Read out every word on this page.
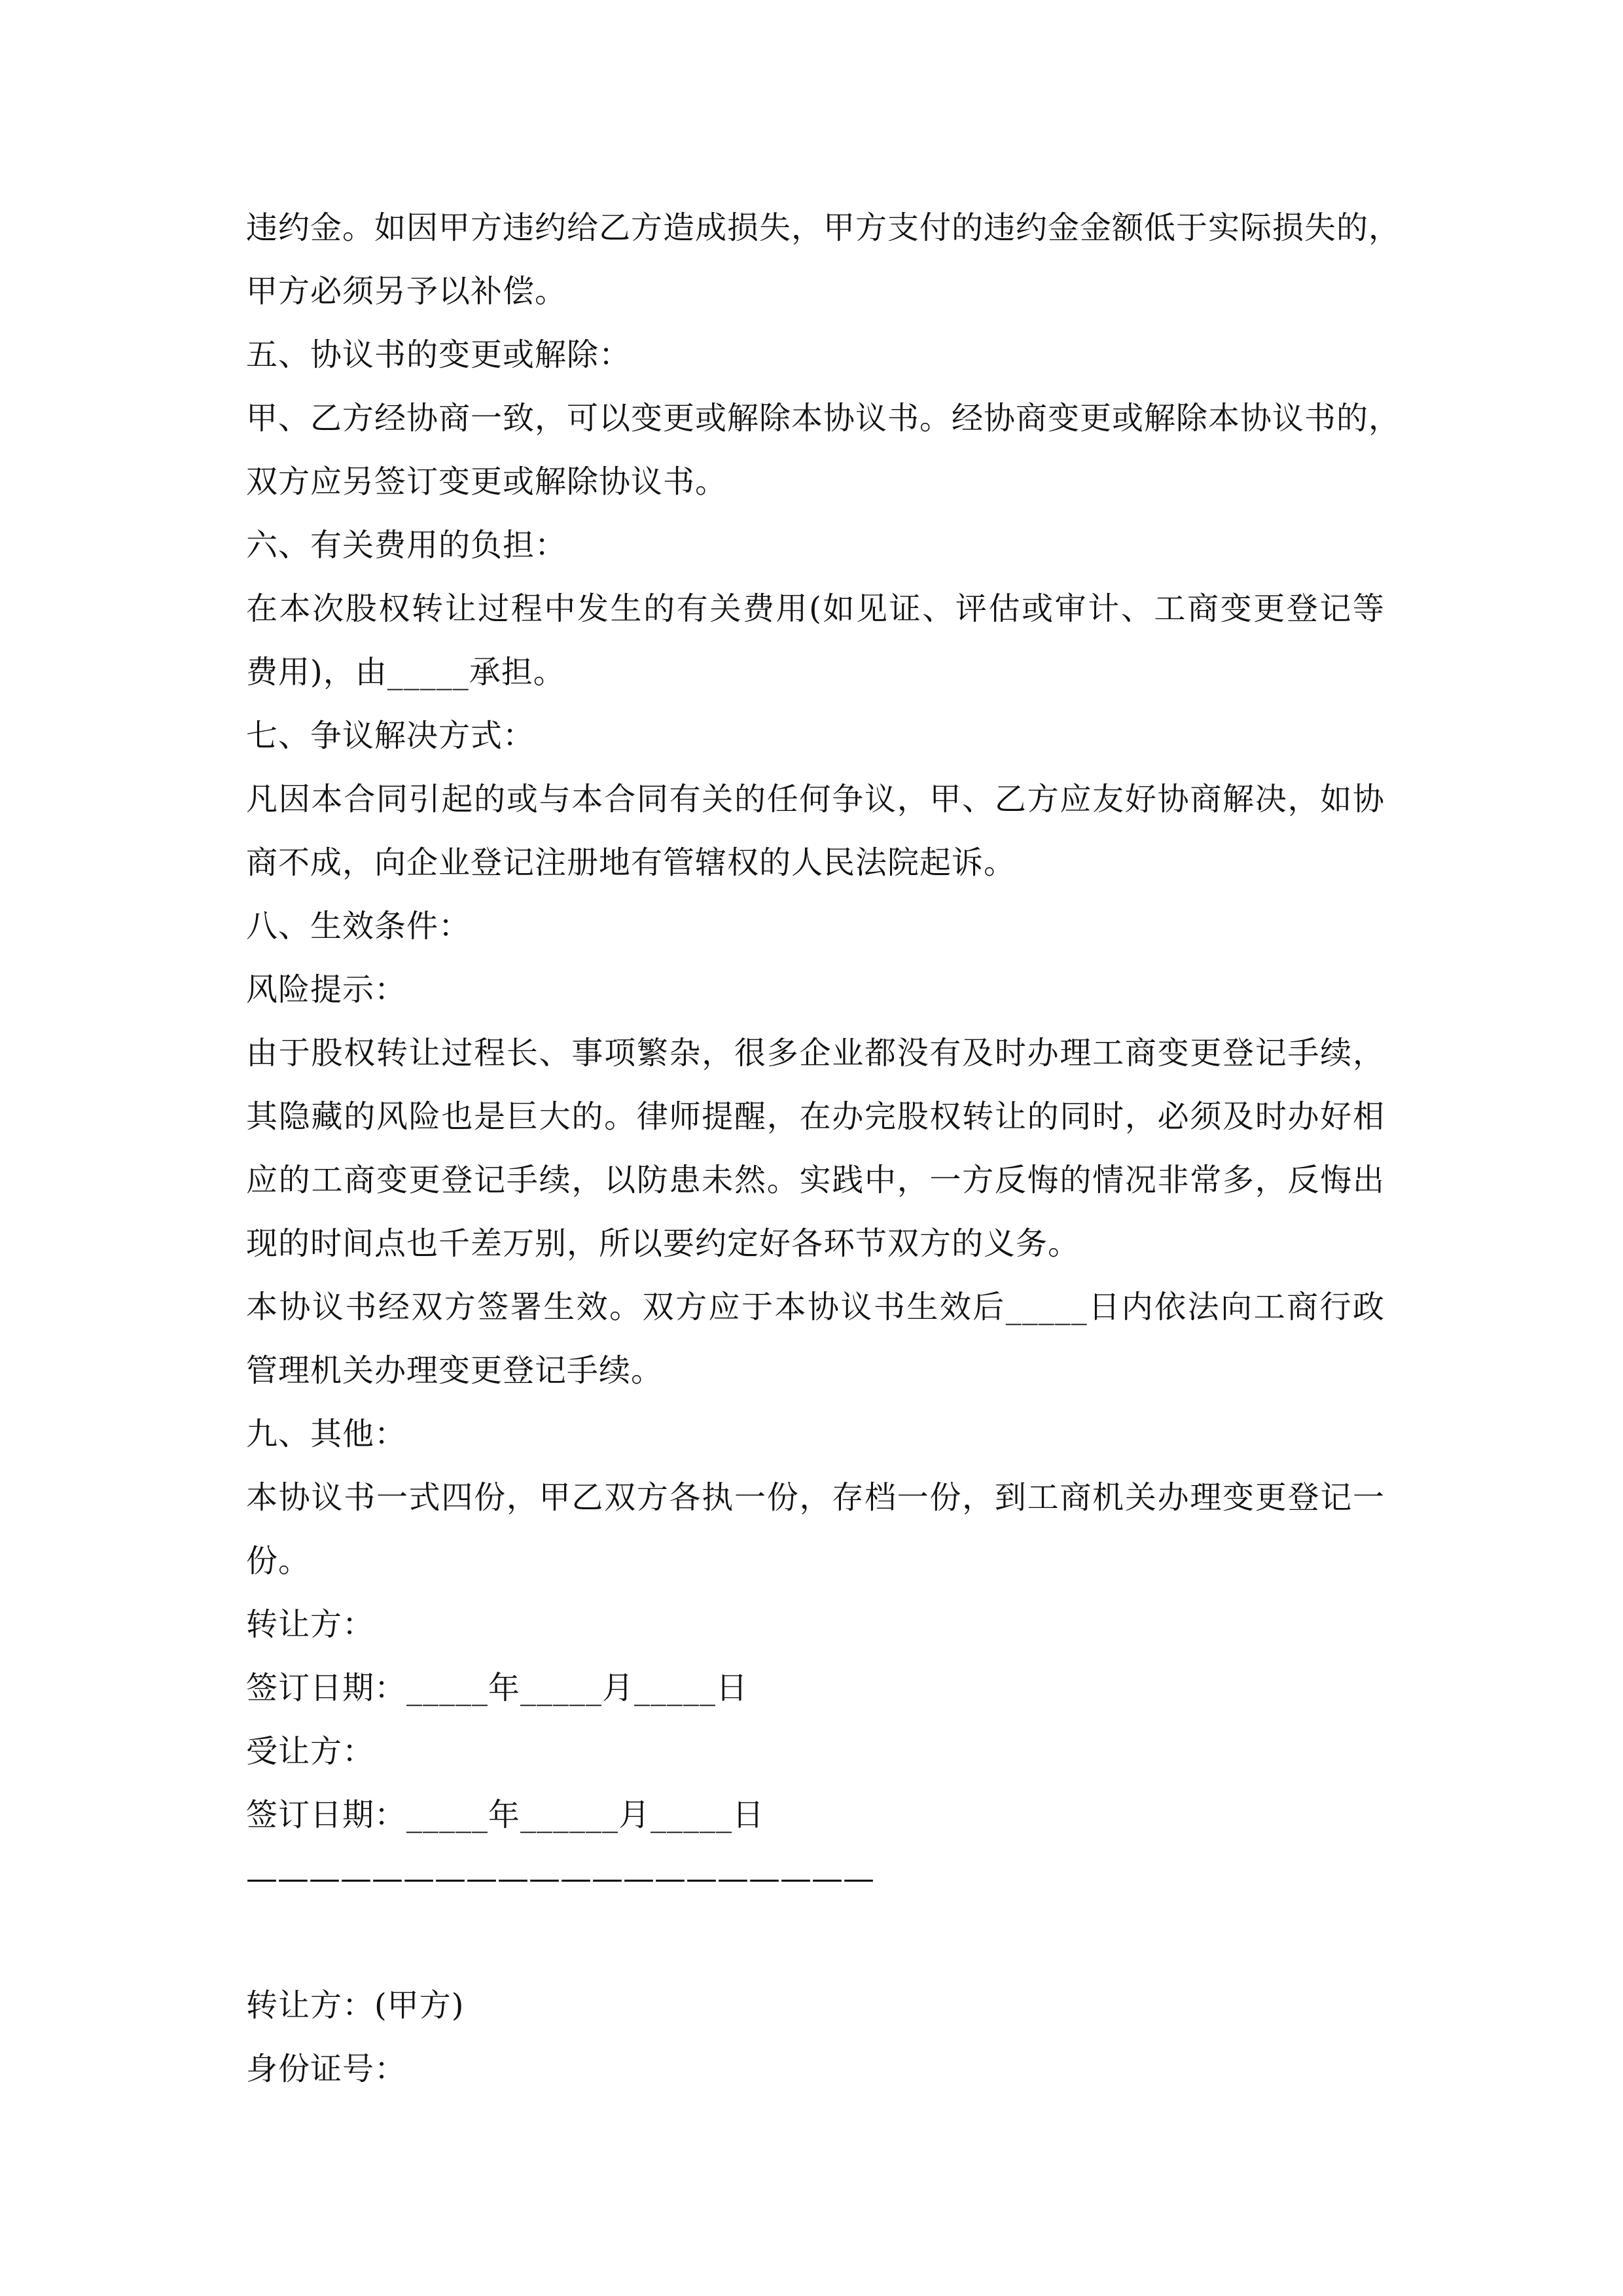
违约金。如因甲方违约给乙方造成损失，甲方支付的违约金金额低于实际损失的，
甲方必须另予以补偿。
五、协议书的变更或解除：
甲、乙方经协商一致，可以变更或解除本协议书。经协商变更或解除本协议书的，
双方应另签订变更或解除协议书。
六、有关费用的负担：
在本次股权转让过程中发生的有关费用(如见证、评估或审计、工商变更登记等
费用)，由_____承担。
七、争议解决方式：
凡因本合同引起的或与本合同有关的任何争议，甲、乙方应友好协商解决，如协
商不成，向企业登记注册地有管辖权的人民法院起诉。
八、生效条件：
风险提示：
由于股权转让过程长、事项繁杂，很多企业都没有及时办理工商变更登记手续，
其隐藏的风险也是巨大的。律师提醒，在办完股权转让的同时，必须及时办好相
应的工商变更登记手续，以防患未然。实践中，一方反悔的情况非常多，反悔出
现的时间点也千差万别，所以要约定好各环节双方的义务。
本协议书经双方签署生效。双方应于本协议书生效后_____日内依法向工商行政
管理机关办理变更登记手续。
九、其他：
本协议书一式四份，甲乙双方各执一份，存档一份，到工商机关办理变更登记一
份。
转让方：
签订日期：_____年_____月_____日
受让方：
签订日期：_____年______月_____日
————————————————————
转让方：(甲方)
身份证号：
